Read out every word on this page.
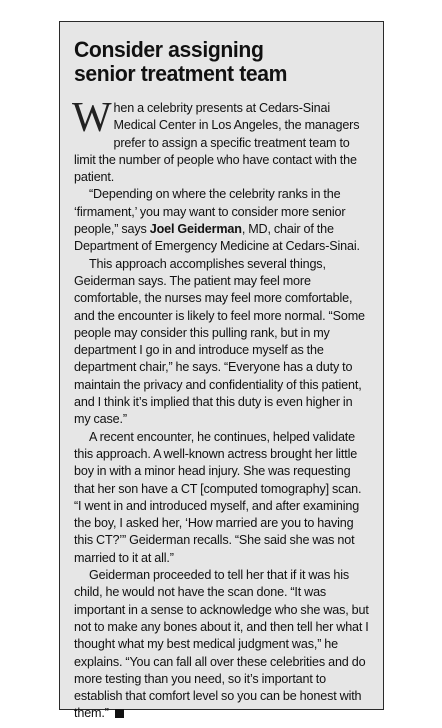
Consider assigning
senior treatment team

When a celebrity presents at Cedars-Sinai Medical Center in Los Angeles, the managers prefer to assign a specific treatment team to limit the number of people who have contact with the patient.

“Depending on where the celebrity ranks in the ‘firmament,’ you may want to consider more senior people,” says Joel Geiderman, MD, chair of the Department of Emergency Medicine at Cedars-Sinai.

This approach accomplishes several things, Geiderman says. The patient may feel more comfortable, the nurses may feel more comfortable, and the encounter is likely to feel more normal. “Some people may consider this pulling rank, but in my department I go in and introduce myself as the department chair,” he says. “Everyone has a duty to maintain the privacy and confidentiality of this patient, and I think it’s implied that this duty is even higher in my case.”

A recent encounter, he continues, helped validate this approach. A well-known actress brought her little boy in with a minor head injury. She was requesting that her son have a CT [computed tomography] scan. “I went in and introduced myself, and after examining the boy, I asked her, ‘How married are you to having this CT?’” Geiderman recalls. “She said she was not married to it at all.”

Geiderman proceeded to tell her that if it was his child, he would not have the scan done. “It was important in a sense to acknowledge who she was, but not to make any bones about it, and then tell her what I thought what my best medical judgment was,” he explains. “You can fall all over these celebrities and do more testing than you need, so it’s important to establish that comfort level so you can be honest with them.”
